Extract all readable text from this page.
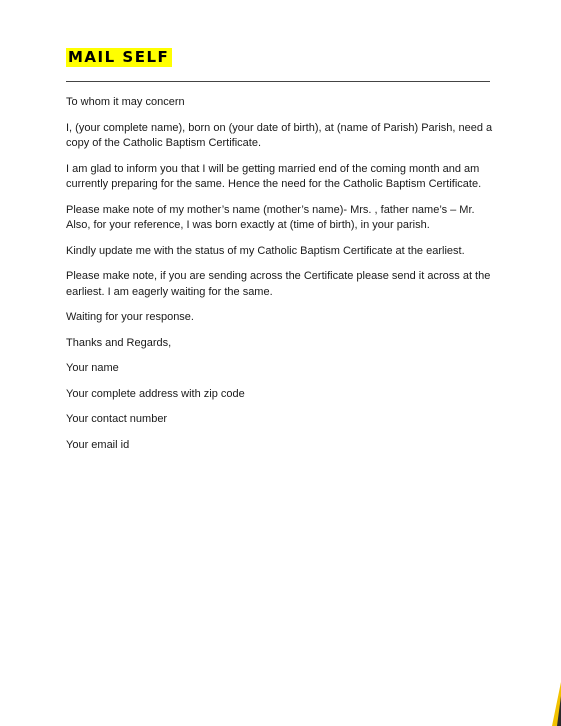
MAIL SELF

To whom it may concern

I, (your complete name), born on (your date of birth), at (name of Parish) Parish, need a copy of the Catholic Baptism Certificate.

I am glad to inform you that I will be getting married end of the coming month and am currently preparing for the same. Hence the need for the Catholic Baptism Certificate.

Please make note of my mother’s name (mother’s name)- Mrs. , father name’s – Mr. Also, for your reference, I was born exactly at (time of birth), in your parish.

Kindly update me with the status of my Catholic Baptism Certificate at the earliest.

Please make note, if you are sending across the Certificate please send it across at the earliest. I am eagerly waiting for the same.

Waiting for your response.

Thanks and Regards,

Your name

Your complete address with zip code

Your contact number

Your email id
